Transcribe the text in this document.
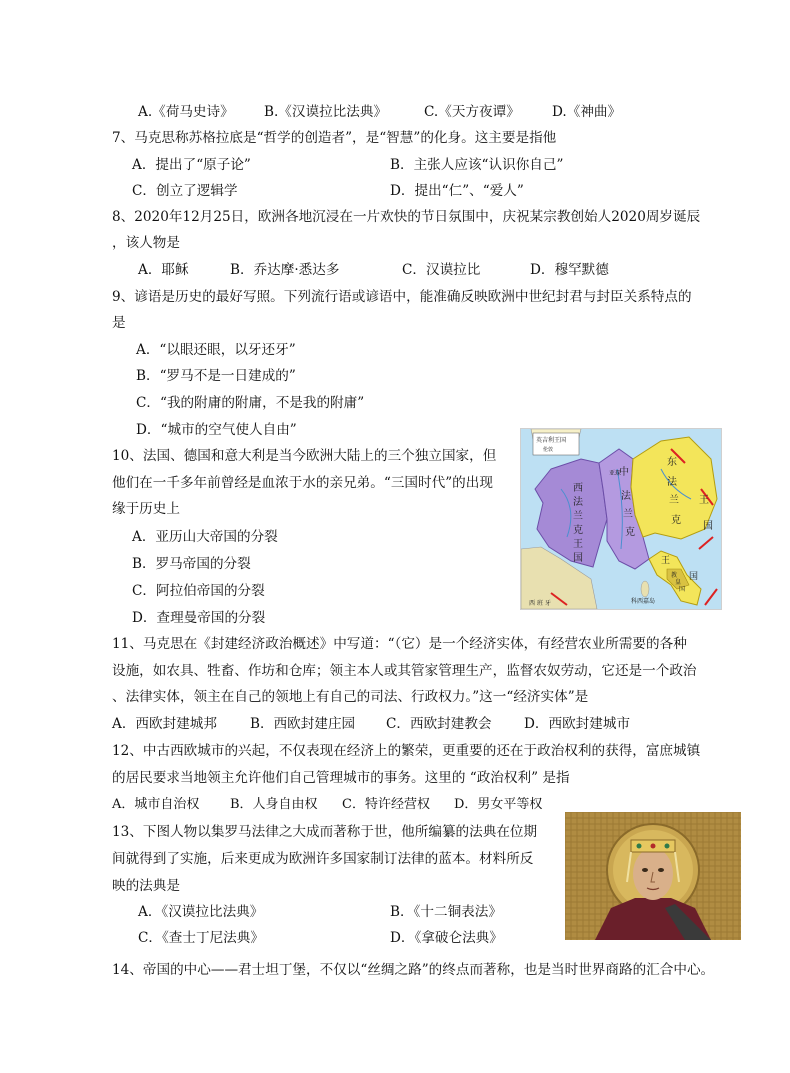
A.《荷马史诗》 B.《汉谟拉比法典》	C.《天方夜谭》 D.《神曲》
7、马克思称苏格拉底是“哲学的创造者”，是“智慧”的化身。这主要是指他
A．提出了“原子论”	B．主张人应该“认识你自己”
C．创立了逻辑学	D．提出“仁”、“爱人”
8、2020年12月25日，欧洲各地沉浸在一片欢快的节日氛围中，庆祝某宗教创始人2020周岁诞辰
，该人物是
A．耶稣	B．乔达摩·悉达多	C．汉谟拉比	D．穆罕默德
9、谚语是历史的最好写照。下列流行语或谚语中，能准确反映欧洲中世纪封君与封臣关系特点的
是
A．“以眼还眼，以牙还牙”
B．“罗马不是一日建成的”
C．“我的附庸的附庸，不是我的附庸”
D．“城市的空气使人自由”
10、法国、德国和意大利是当今欧洲大陆上的三个独立国家，但
他们在一千多年前曾经是血浓于水的亲兄弟。“三国时代”的出现
缘于历史上
A．亚历山大帝国的分裂
B．罗马帝国的分裂
C．阿拉伯帝国的分裂
D．查理曼帝国的分裂
英吉利王国
伦敦
亚琛
西
法
兰
克
王
国
中
法
兰
克
东
法
兰
克
王
国
王
国
教
皇
国
科西嘉岛
西 班 牙
11、马克思在《封建经济政治概述》中写道：“（它）是一个经济实体，有经营农业所需要的各种
设施，如农具、牲畜、作坊和仓库；领主本人或其管家管理生产，监督农奴劳动，它还是一个政治
、法律实体，领主在自己的领地上有自己的司法、行政权力。”这一“经济实体”是
A．西欧封建城邦 B．西欧封建庄园 C．西欧封建教会 D．西欧封建城市
12、中古西欧城市的兴起，不仅表现在经济上的繁荣，更重要的还在于政治权利的获得，富庶城镇
的居民要求当地领主允许他们自己管理城市的事务。这里的 “政治权利” 是指
A．城市自治权 B．人身自由权 C．特许经营权 D．男女平等权
13、下图人物以集罗马法律之大成而著称于世，他所编纂的法典在位期
间就得到了实施，后来更成为欧洲许多国家制订法律的蓝本。材料所反
映的法典是
A．《汉谟拉比法典》	B．《十二铜表法》
C．《查士丁尼法典》	D．《拿破仑法典》
14、帝国的中心——君士坦丁堡，不仅以“丝绸之路”的终点而著称，也是当时世界商路的汇合中心。
